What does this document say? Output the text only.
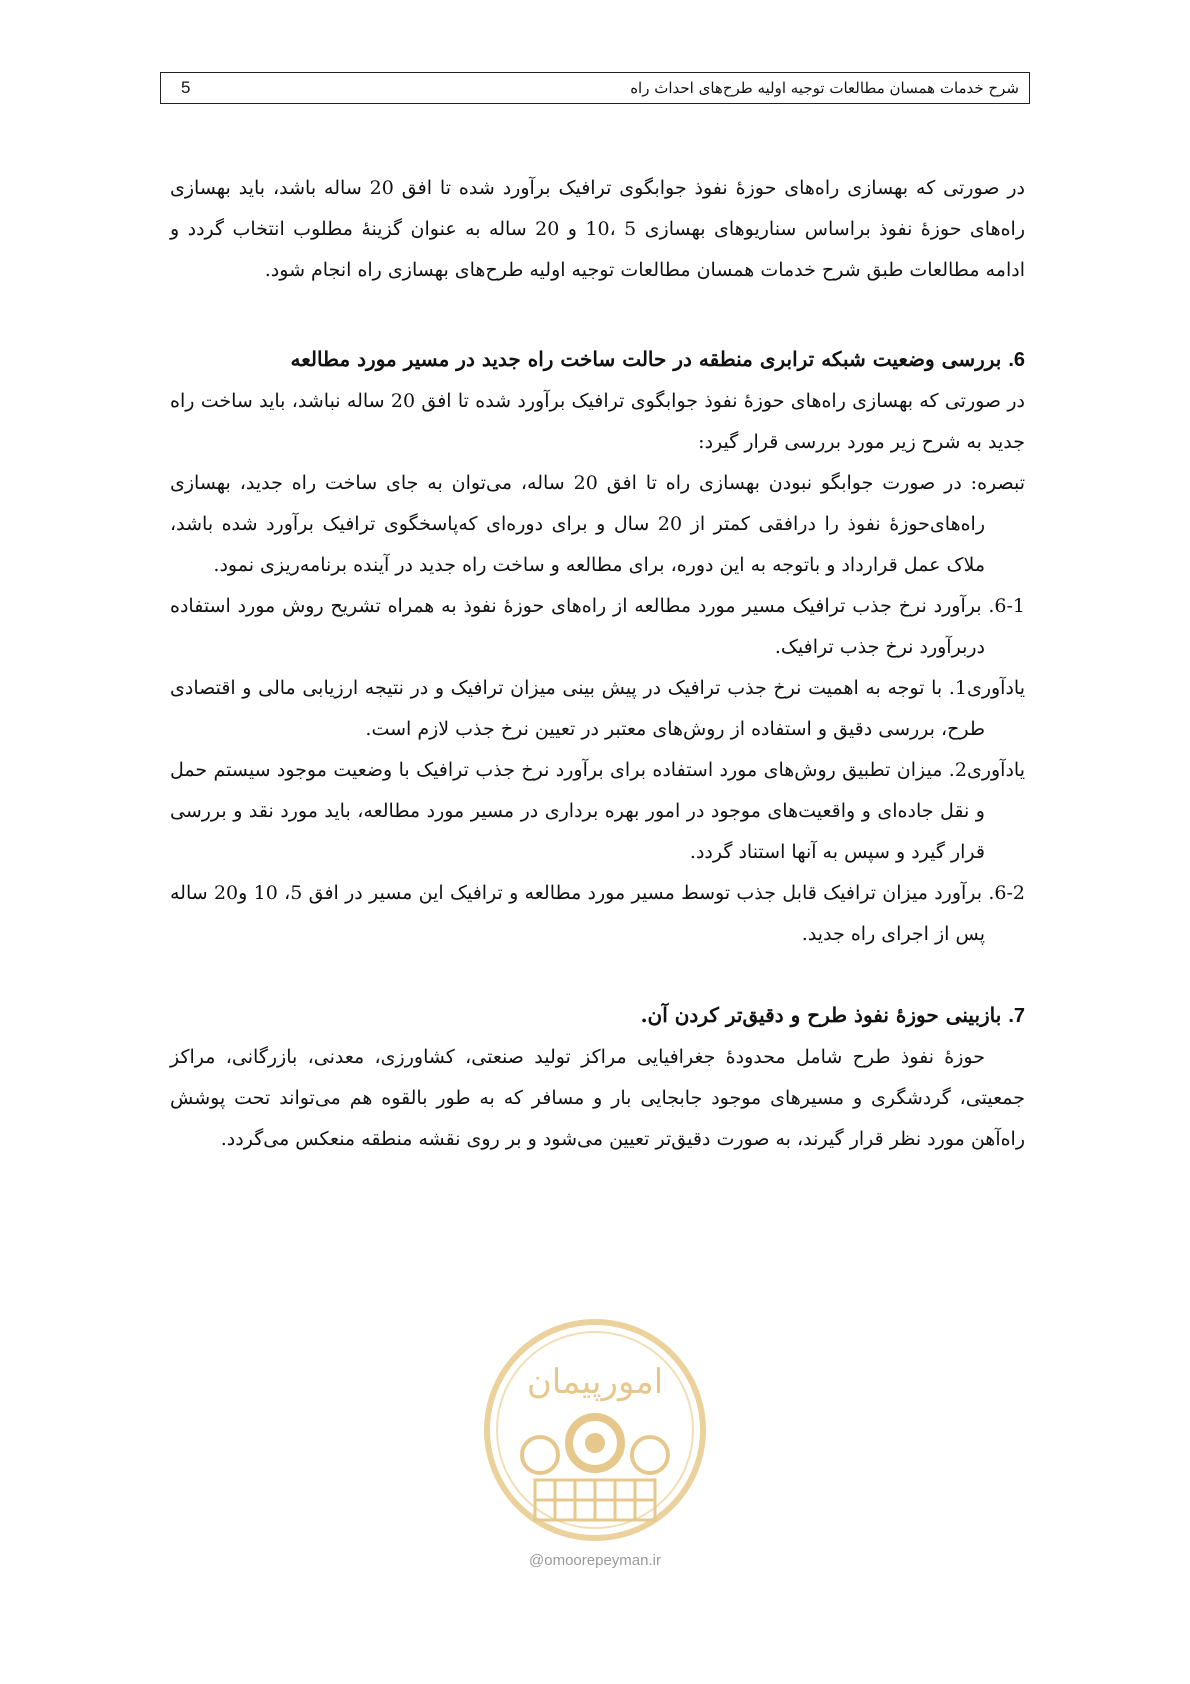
5	شرح خدمات همسان مطالعات توجیه اولیه طرح‌های احداث راه

در صورتی که بهسازی راه‌های حوزۀ نفوذ جوابگوی ترافیک برآورد شده تا افق 20 ساله باشد، باید بهسازی راه‌های حوزۀ نفوذ براساس سناریوهای بهسازی 5 ،10 و 20 ساله به عنوان گزینۀ مطلوب انتخاب گردد و ادامه مطالعات طبق شرح خدمات همسان مطالعات توجیه اولیه طرح‌های بهسازی راه انجام شود.

6. بررسی وضعیت شبکه ترابری منطقه در حالت ساخت راه جدید در مسیر مورد مطالعه

در صورتی که بهسازی راه‌های حوزۀ نفوذ جوابگوی ترافیک برآورد شده تا افق 20 ساله نباشد، باید ساخت راه جدید به شرح زیر مورد بررسی قرار گیرد:

تبصره: در صورت جوابگو نبودن بهسازی راه تا افق 20 ساله، می‌توان به جای ساخت راه جدید، بهسازی راه‌های‌حوزۀ نفوذ را درافقی کمتر از 20 سال و برای دوره‌ای که‌پاسخگوی ترافیک برآورد شده باشد، ملاک عمل قرارداد و باتوجه به این دوره، برای مطالعه و ساخت راه جدید در آینده برنامه‌ریزی نمود.

6-1. برآورد نرخ جذب ترافیک مسیر مورد مطالعه از راه‌های حوزۀ نفوذ به همراه تشریح روش مورد استفاده دربرآورد نرخ جذب ترافیک.

یادآوری1. با توجه به اهمیت نرخ جذب ترافیک در پیش بینی میزان ترافیک و در نتیجه ارزیابی مالی و اقتصادی طرح، بررسی دقیق و استفاده از روش‌های معتبر در تعیین نرخ جذب لازم است.

یادآوری2. میزان تطبیق روش‌های مورد استفاده برای برآورد نرخ جذب ترافیک با وضعیت موجود سیستم حمل و نقل جاده‌ای و واقعیت‌های موجود در امور بهره برداری در مسیر مورد مطالعه، باید مورد نقد و بررسی قرار گیرد و سپس به آنها استناد گردد.

6-2. برآورد میزان ترافیک قابل جذب توسط مسیر مورد مطالعه و ترافیک این مسیر در افق 5، 10 و20 ساله پس از اجرای راه جدید.

7. بازبینی حوزۀ نفوذ طرح و دقیق‌تر کردن آن.

حوزۀ نفوذ طرح شامل محدودۀ جغرافیایی مراکز تولید صنعتی، کشاورزی، معدنی، بازرگانی، مراکز جمعیتی، گردشگری و مسیرهای موجود جابجایی بار و مسافر که به طور بالقوه هم می‌تواند تحت پوشش راه‌آهن مورد نظر قرار گیرند، به صورت دقیق‌تر تعیین می‌شود و بر روی نقشه منطقه منعکس می‌گردد.

امورپیمان
@omoorepeyman.ir
